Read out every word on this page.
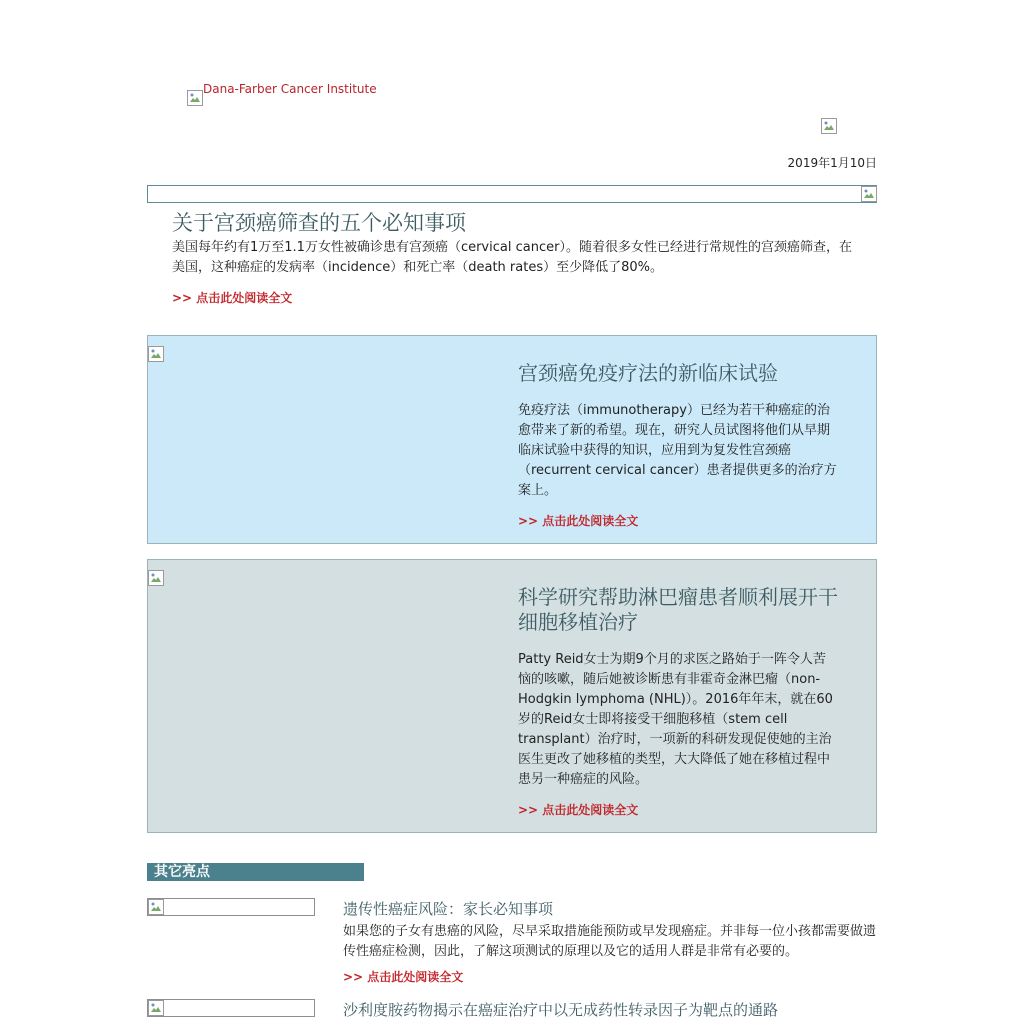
Dana-Farber Cancer Institute
2019年1月10日
关于宫颈癌筛查的五个必知事项
美国每年约有1万至1.1万女性被确诊患有宫颈癌（cervical cancer）。随着很多女性已经进行常规性的宫颈癌筛查，在美国，这种癌症的发病率（incidence）和死亡率（death rates）至少降低了80%。
>> 点击此处阅读全文
宫颈癌免疫疗法的新临床试验
免疫疗法（immunotherapy）已经为若干种癌症的治愈带来了新的希望。现在，研究人员试图将他们从早期临床试验中获得的知识，应用到为复发性宫颈癌（recurrent cervical cancer）患者提供更多的治疗方案上。
>> 点击此处阅读全文
科学研究帮助淋巴瘤患者顺利展开干细胞移植治疗
Patty Reid女士为期9个月的求医之路始于一阵令人苦恼的咳嗽，随后她被诊断患有非霍奇金淋巴瘤（non-Hodgkin lymphoma (NHL)）。2016年年末，就在60岁的Reid女士即将接受干细胞移植（stem cell transplant）治疗时，一项新的科研发现促使她的主治医生更改了她移植的类型，大大降低了她在移植过程中患另一种癌症的风险。
>> 点击此处阅读全文
其它亮点
遗传性癌症风险：家长必知事项
如果您的子女有患癌的风险，尽早采取措施能预防或早发现癌症。并非每一位小孩都需要做遗传性癌症检测，因此，了解这项测试的原理以及它的适用人群是非常有必要的。
>> 点击此处阅读全文
沙利度胺药物揭示在癌症治疗中以无成药性转录因子为靶点的通路
